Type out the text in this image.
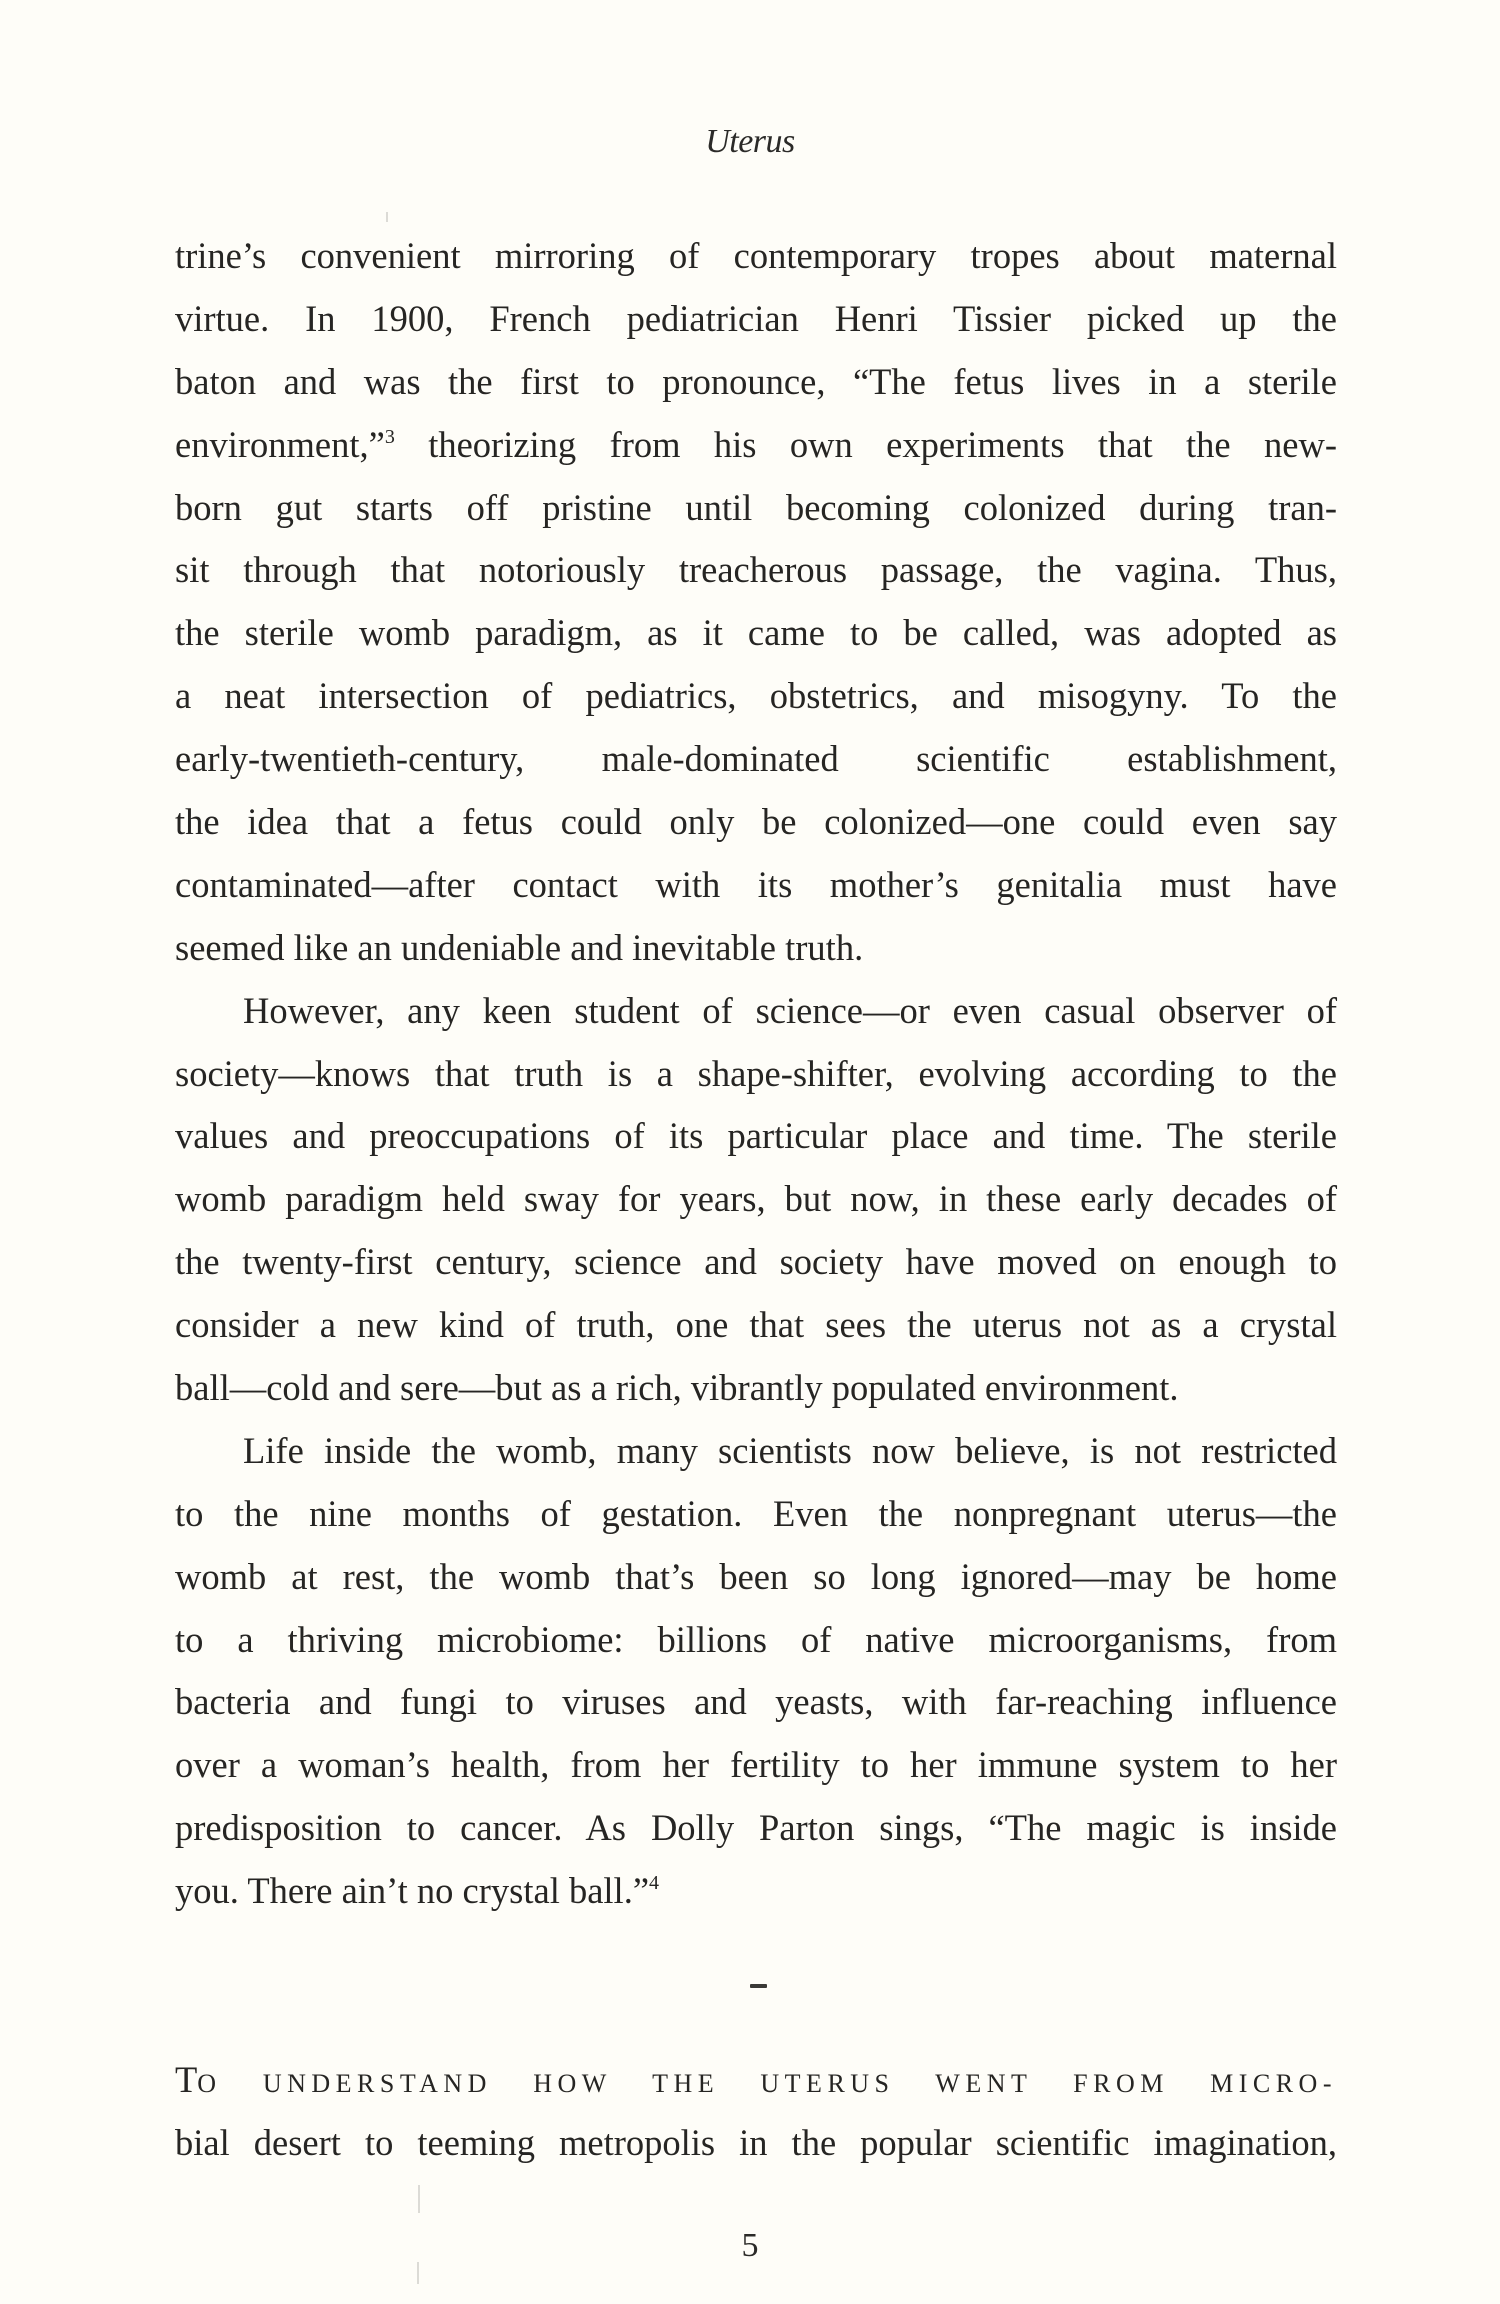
Uterus
trine’s convenient mirroring of contemporary tropes about maternal
virtue. In 1900, French pediatrician Henri Tissier picked up the
baton and was the first to pronounce, “The fetus lives in a sterile
environment,”$^3$ theorizing from his own experiments that the new-
born gut starts off pristine until becoming colonized during tran-
sit through that notoriously treacherous passage, the vagina. Thus,
the sterile womb paradigm, as it came to be called, was adopted as
a neat intersection of pediatrics, obstetrics, and misogyny. To the
early-twentieth-century, male-dominated scientific establishment,
the idea that a fetus could only be colonized—one could even say
contaminated—after contact with its mother’s genitalia must have
seemed like an undeniable and inevitable truth.
However, any keen student of science—or even casual observer of
society—knows that truth is a shape-shifter, evolving according to the
values and preoccupations of its particular place and time. The sterile
womb paradigm held sway for years, but now, in these early decades of
the twenty-first century, science and society have moved on enough to
consider a new kind of truth, one that sees the uterus not as a crystal
ball—cold and sere—but as a rich, vibrantly populated environment.
Life inside the womb, many scientists now believe, is not restricted
to the nine months of gestation. Even the nonpregnant uterus—the
womb at rest, the womb that’s been so long ignored—may be home
to a thriving microbiome: billions of native microorganisms, from
bacteria and fungi to viruses and yeasts, with far-reaching influence
over a woman’s health, from her fertility to her immune system to her
predisposition to cancer. As Dolly Parton sings, “The magic is inside
you. There ain’t no crystal ball.”$^4$
TO UNDERSTAND HOW THE UTERUS WENT FROM MICRO-
bial desert to teeming metropolis in the popular scientific imagination,
5
